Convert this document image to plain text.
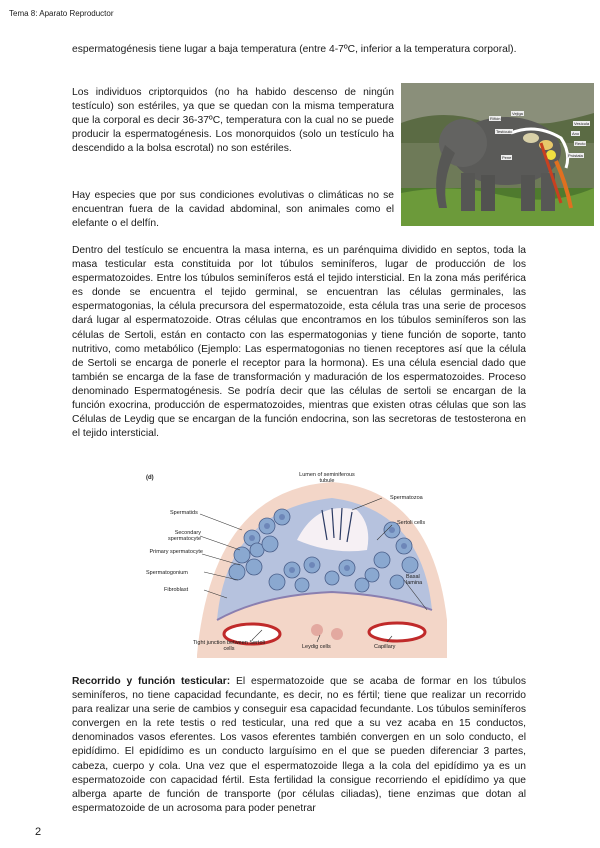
Tema 8: Aparato Reproductor

espermatogénesis tiene lugar a baja temperatura (entre 4-7ºC, inferior a la temperatura corporal).

Los individuos criptorquidos (no ha habido descenso de ningún testículo) son estériles, ya que se quedan con la misma temperatura que la corporal es decir 36-37ºC, temperatura con la cual no se puede producir la espermatogénesis. Los monorquidos (solo un testículo ha descendido a la bolsa escrotal) no son estériles.

Hay especies que por sus condiciones evolutivas o climáticas no se encuentran fuera de la cavidad abdominal, son animales como el elefante o el delfín.

Riñón
Testículo
Pene
Vejiga
Ano
Recto
Próstata
Vesícula

Dentro del testículo se encuentra la masa interna, es un parénquima dividido en septos, toda la masa testicular esta constituida por lot túbulos seminíferos, lugar de producción de los espermatozoides. Entre los túbulos seminíferos está el tejido intersticial. En la zona más periférica es donde se encuentra el tejido germinal, se encuentran las células germinales, las espermatogonias, la célula precursora del espermatozoide, esta célula tras una serie de procesos dará lugar al espermatozoide. Otras células que encontramos en los túbulos seminíferos son las células de Sertoli, están en contacto con las espermatogonias y tiene función de soporte, tanto nutritivo, como metabólico (Ejemplo: Las espermatogonias no tienen receptores así que la célula de Sertoli se encarga de ponerle el receptor para la hormona). Es una célula esencial dado que también se encarga de la fase de transformación y maduración de los espermatozoides. Proceso denominado Espermatogénesis. Se podría decir que las células de sertoli se encargan de la función exocrina, producción de espermatozoides, mientras que existen otras células que son las Células de Leydig que se encargan de la función endocrina, son las secretoras de testosterona en el tejido intersticial.

(d)	Lumen of seminiferous tubule
Spermatozoa
Spermatids
Sertoli cells
Secondary spermatocyte
Primary spermatocyte
Spermatogonium
Fibroblast
Basal lamina
Tight junction between Sertoli cells	Leydig cells	Capillary

Recorrido y función testicular: El espermatozoide que se acaba de formar en los túbulos seminíferos, no tiene capacidad fecundante, es decir, no es fértil; tiene que realizar un recorrido para realizar una serie de cambios y conseguir esa capacidad fecundante. Los túbulos seminíferos convergen en la rete testis o red testicular, una red que a su vez acaba en 15 conductos, denominados vasos eferentes. Los vasos eferentes también convergen en un solo conducto, el epidídimo. El epidídimo es un conducto larguísimo en el que se pueden diferenciar 3 partes, cabeza, cuerpo y cola. Una vez que el espermatozoide llega a la cola del epidídimo ya es un espermatozoide con capacidad fértil. Esta fertilidad la consigue recorriendo el epidídimo ya que alberga aparte de función de transporte (por células ciliadas), tiene enzimas que dotan al espermatozoide de un acrosoma para poder penetrar

2
